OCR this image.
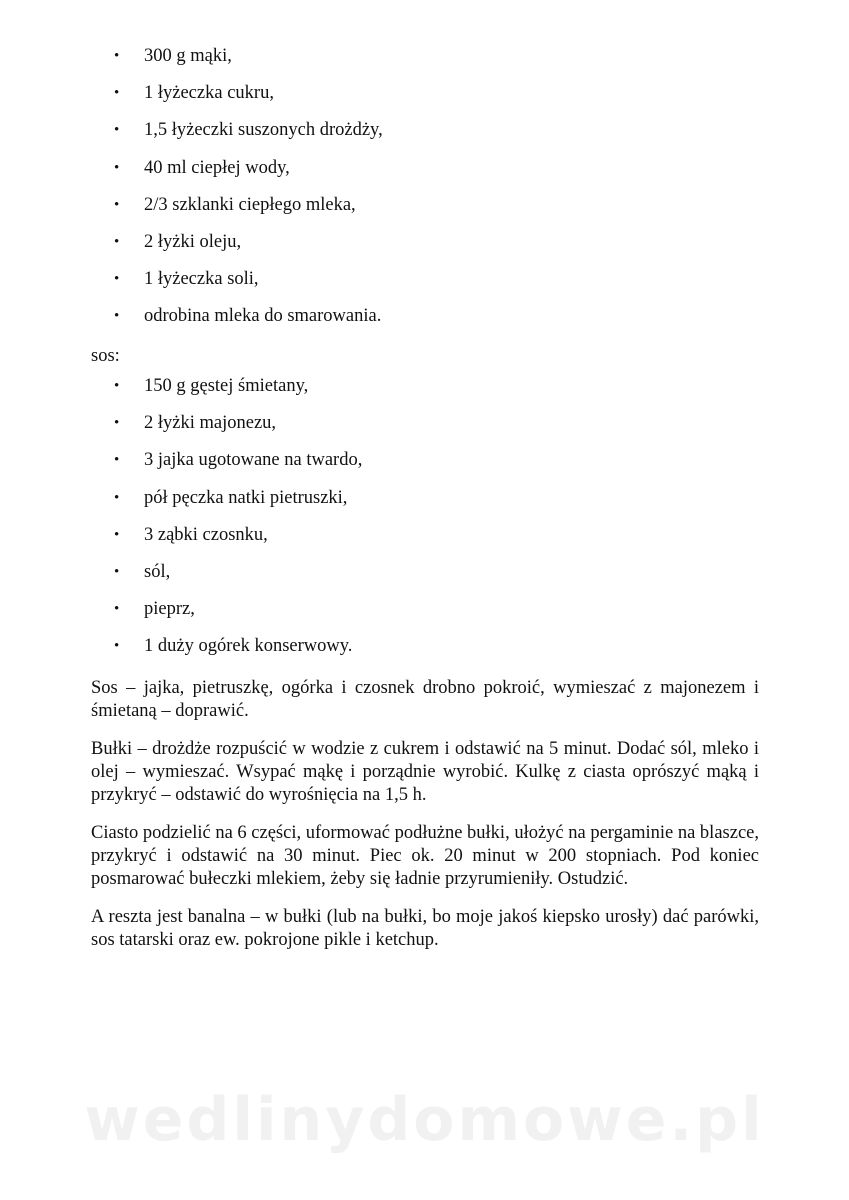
• 300 g mąki,
• 1 łyżeczka cukru,
• 1,5 łyżeczki suszonych drożdży,
• 40 ml ciepłej wody,
• 2/3 szklanki ciepłego mleka,
• 2 łyżki oleju,
• 1 łyżeczka soli,
• odrobina mleka do smarowania.
sos:
• 150 g gęstej śmietany,
• 2 łyżki majonezu,
• 3 jajka ugotowane na twardo,
• pół pęczka natki pietruszki,
• 3 ząbki czosnku,
• sól,
• pieprz,
• 1 duży ogórek konserwowy.

Sos – jajka, pietruszkę, ogórka i czosnek drobno pokroić, wymieszać z majonezem i śmietaną – doprawić.

Bułki – drożdże rozpuścić w wodzie z cukrem i odstawić na 5 minut. Dodać sól, mleko i olej – wymieszać. Wsypać mąkę i porządnie wyrobić. Kulkę z ciasta oprószyć mąką i przykryć – odstawić do wyrośnięcia na 1,5 h.

Ciasto podzielić na 6 części, uformować podłużne bułki, ułożyć na pergaminie na blaszce, przykryć i odstawić na 30 minut. Piec ok. 20 minut w 200 stopniach. Pod koniec posmarować bułeczki mlekiem, żeby się ładnie przyrumieniły. Ostudzić.

A reszta jest banalna – w bułki (lub na bułki, bo moje jakoś kiepsko urosły) dać parówki, sos tatarski oraz ew. pokrojone pikle i ketchup.

wedlinydomowe.pl
